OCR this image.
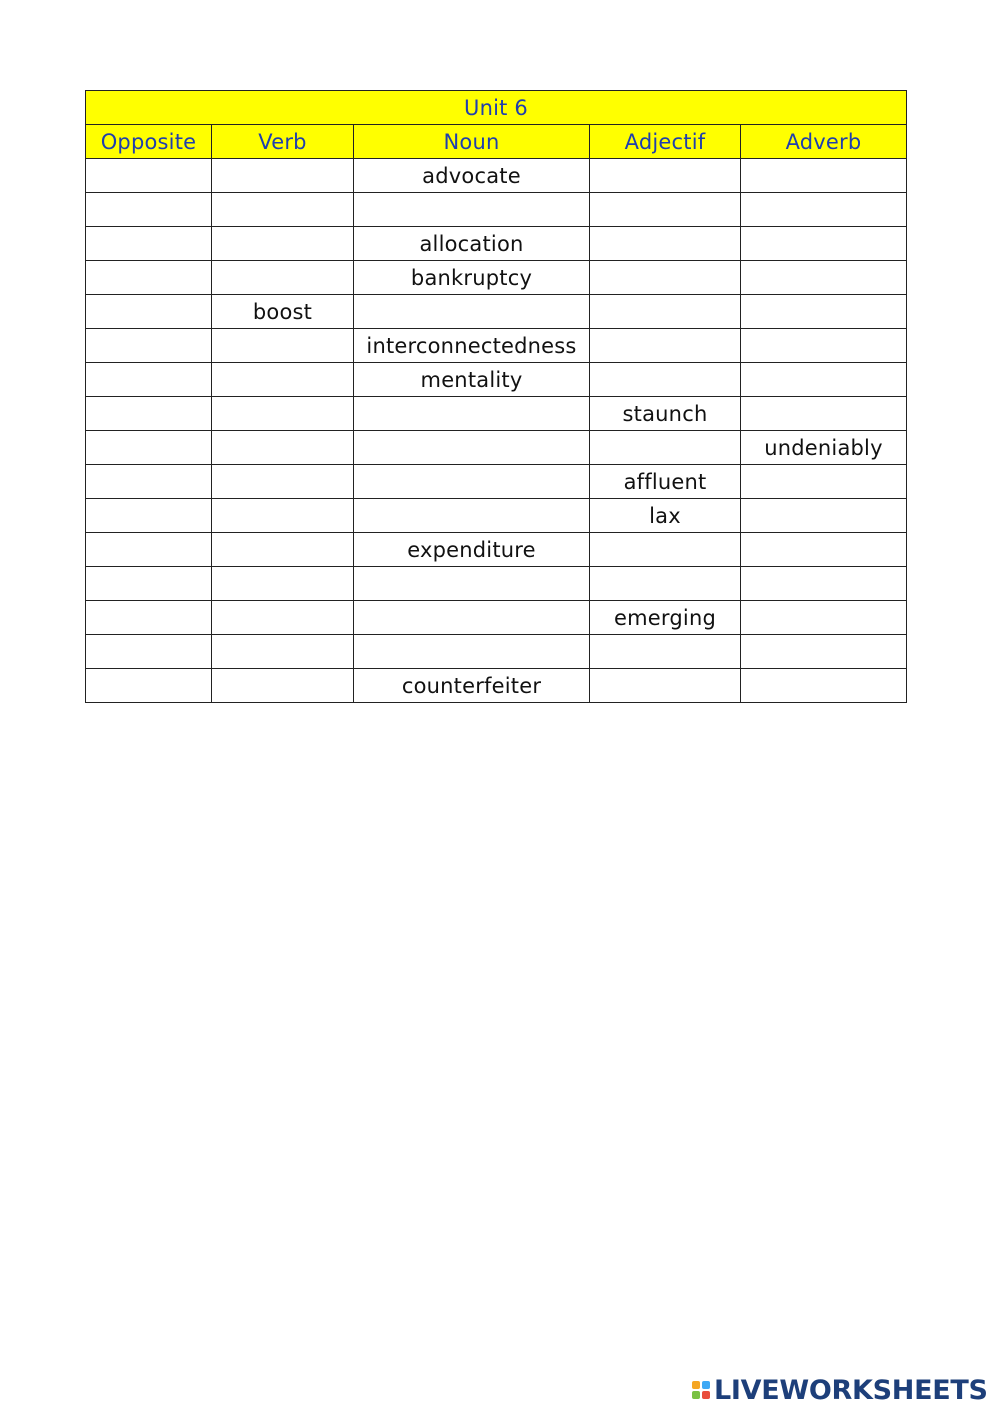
Unit 6				
Opposite	Verb	Noun	Adjectif	Adverb
		advocate		

		allocation		
		bankruptcy		
	boost			
		interconnectedness		
		mentality		
			staunch	
				undeniably
			affluent	
			lax	
		expenditure		

			emerging	

		counterfeiter		
LIVEWORKSHEETS
